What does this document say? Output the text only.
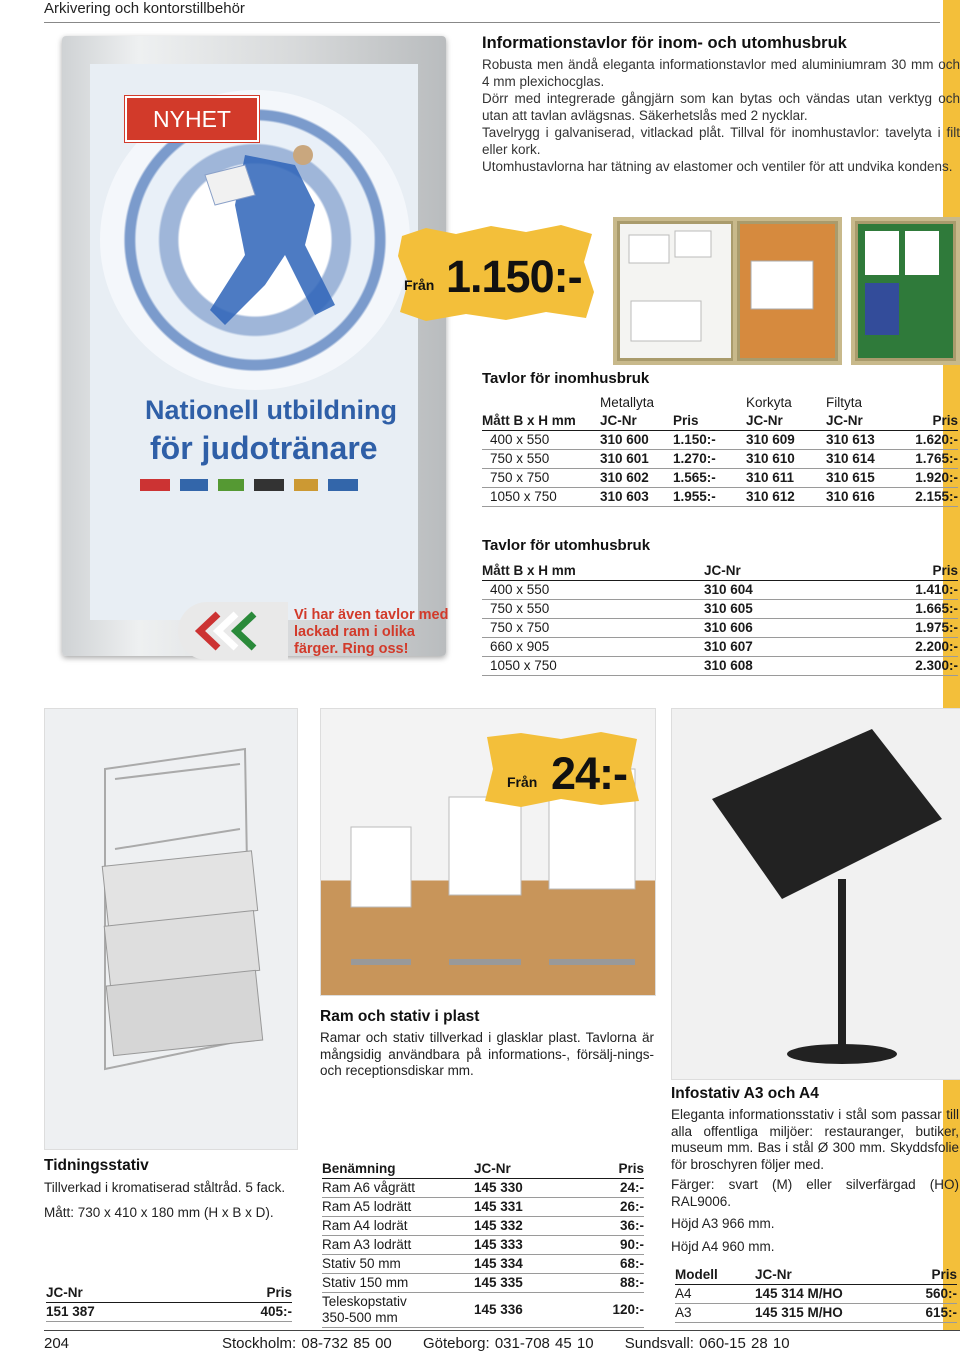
Arkivering och kontorstillbehör
Nationell utbildning
för judotränare
NYHET
Vi har även tavlor med lackad ram i olika färger. Ring oss!
Informationstavlor för inom- och utomhusbruk

Robusta men ändå eleganta informationstavlor med aluminiumram 30 mm och 4 mm plexichocglas.

Dörr med integrerade gångjärn som kan bytas och vändas utan verktyg och utan att tavlan avlägsnas. Säkerhetslås med 2 nycklar.

Tavelrygg i galvaniserad, vitlackad plåt. Tillval för inomhustavlor: tavelyta i filt eller kork.

Utomhustavlorna har tätning av elastomer och ventiler för att undvika kondens.

Från 1.150:-
Tavlor för inomhusbruk
	Metallyta		Korkyta	Filtyta	
Mått B x H mm	JC-Nr	Pris	JC-Nr	JC-Nr	Pris
400 x 550	310 600	1.150:-	310 609	310 613	1.620:-
750 x 550	310 601	1.270:-	310 610	310 614	1.765:-
750 x 750	310 602	1.565:-	310 611	310 615	1.920:-
1050 x 750	310 603	1.955:-	310 612	310 616	2.155:-
Tavlor för utomhusbruk
Mått B x H mm	JC-Nr	Pris
400 x 550	310 604	1.410:-
750 x 550	310 605	1.665:-
750 x 750	310 606	1.975:-
660 x 905	310 607	2.200:-
1050 x 750	310 608	2.300:-
Från 24:-
Ram och stativ i plast

Ramar och stativ tillverkad i glasklar plast. Tavlorna är mångsidig användbara på informations-, försälj-nings- och receptionsdiskar mm.

Benämning	JC-Nr	Pris
Ram A6 vågrätt	145 330	24:-
Ram A5 lodrätt	145 331	26:-
Ram A4 lodrät	145 332	36:-
Ram A3 lodrätt	145 333	90:-
Stativ 50 mm	145 334	68:-
Stativ 150 mm	145 335	88:-
Teleskopstativ
350-500 mm	145 336	120:-
Tidningsstativ

Tillverkad i kromatiserad ståltråd. 5 fack.

Mått: 730 x 410 x 180 mm (H x B x D).

JC-Nr	Pris
151 387	405:-
Infostativ A3 och A4

Eleganta informationsstativ i stål som passar till alla offentliga miljöer: restauranger, butiker, museum mm. Bas i stål Ø 300 mm. Skyddsfolie för broschyren följer med.

Färger: svart (M) eller silverfärgad (HO) RAL9006.

Höjd A3 966 mm.

Höjd A4 960 mm.

Modell	JC-Nr	Pris
A4	145 314 M/HO	560:-
A3	145 315 M/HO	615:-
204	Stockholm: 08-732 85 00 Göteborg: 031-708 45 10 Sundsvall: 060-15 28 10
